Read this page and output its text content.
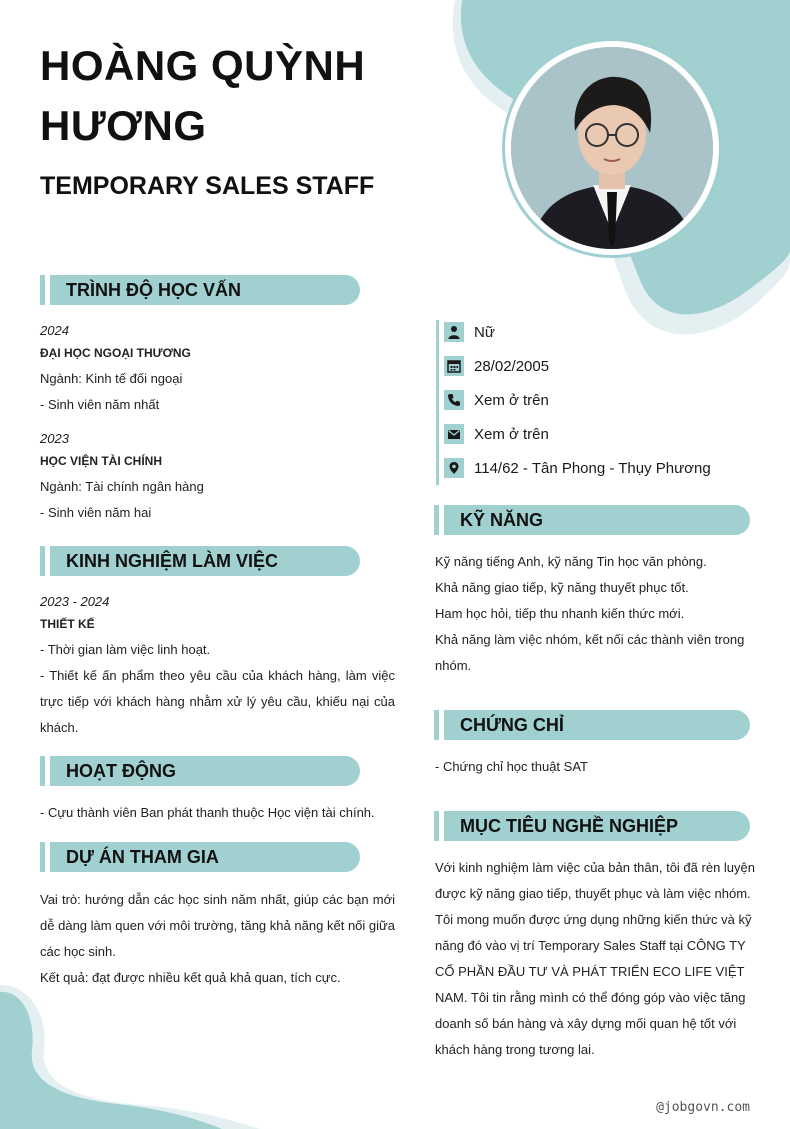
HOÀNG QUỲNH
HƯƠNG
TEMPORARY SALES STAFF
TRÌNH ĐỘ HỌC VẤN
2024
ĐẠI HỌC NGOẠI THƯƠNG
Ngành: Kinh tế đối ngoại
- Sinh viên năm nhất
2023
HỌC VIỆN TÀI CHÍNH
Ngành: Tài chính ngân hàng
- Sinh viên năm hai
KINH NGHIỆM LÀM VIỆC
2023 - 2024
THIẾT KẾ
- Thời gian làm việc linh hoạt.
- Thiết kế ấn phẩm theo yêu cầu của khách hàng, làm việc trực tiếp với khách hàng nhằm xử lý yêu cầu, khiếu nại của khách.
HOẠT ĐỘNG
- Cựu thành viên Ban phát thanh thuộc Học viện tài chính.
DỰ ÁN THAM GIA
Vai trò: hướng dẫn các học sinh năm nhất, giúp các bạn mới dễ dàng làm quen với môi trường, tăng khả năng kết nối giữa các học sinh.
Kết quả: đạt được nhiều kết quả khả quan, tích cực.
Nữ
28/02/2005
Xem ở trên
Xem ở trên
114/62 - Tân Phong - Thụy Phương
KỸ NĂNG
Kỹ năng tiếng Anh, kỹ năng Tin học văn phòng.
Khả năng giao tiếp, kỹ năng thuyết phục tốt.
Ham học hỏi, tiếp thu nhanh kiến thức mới.
Khả năng làm việc nhóm, kết nối các thành viên trong nhóm.
CHỨNG CHỈ
- Chứng chỉ học thuật SAT
MỤC TIÊU NGHỀ NGHIỆP
Với kinh nghiệm làm việc của bản thân, tôi đã rèn luyện được kỹ năng giao tiếp, thuyết phục và làm việc nhóm. Tôi mong muốn được ứng dụng những kiến thức và kỹ năng đó vào vị trí Temporary Sales Staff tại CÔNG TY CỔ PHẦN ĐẦU TƯ VÀ PHÁT TRIỂN ECO LIFE VIỆT NAM. Tôi tin rằng mình có thể đóng góp vào việc tăng doanh số bán hàng và xây dựng mối quan hệ tốt với khách hàng trong tương lai.
@jobgovn.com
